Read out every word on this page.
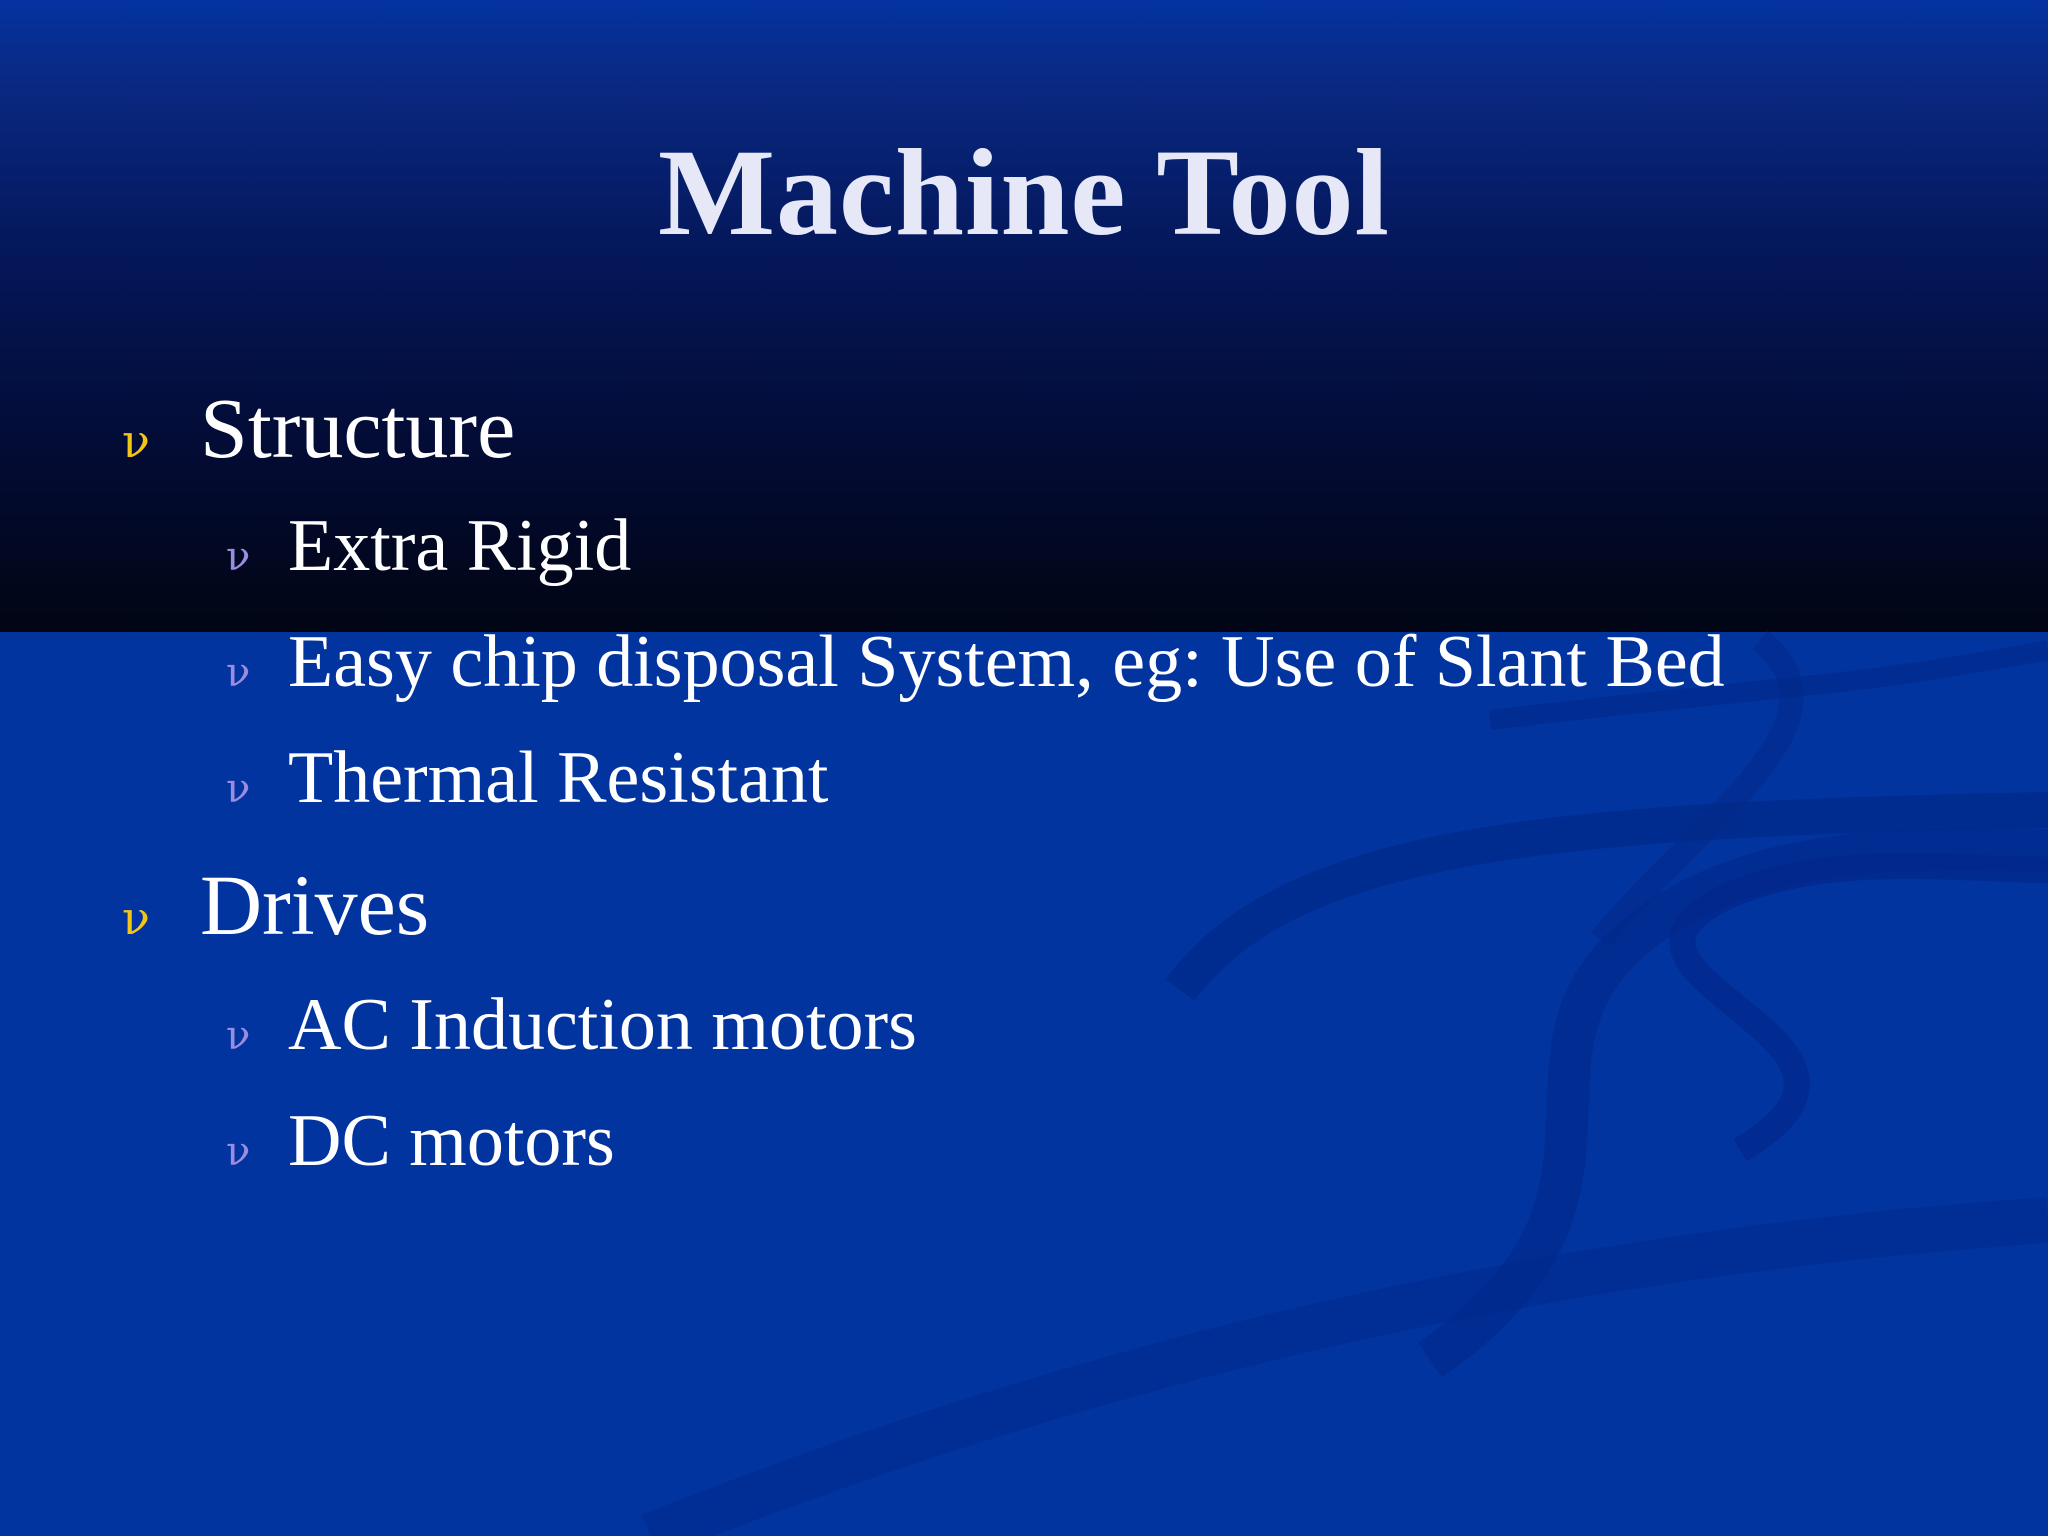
Machine Tool
ν Structure
ν Extra Rigid
ν Easy chip disposal System, eg: Use of Slant Bed
ν Thermal Resistant
ν Drives
ν AC Induction motors
ν DC motors
